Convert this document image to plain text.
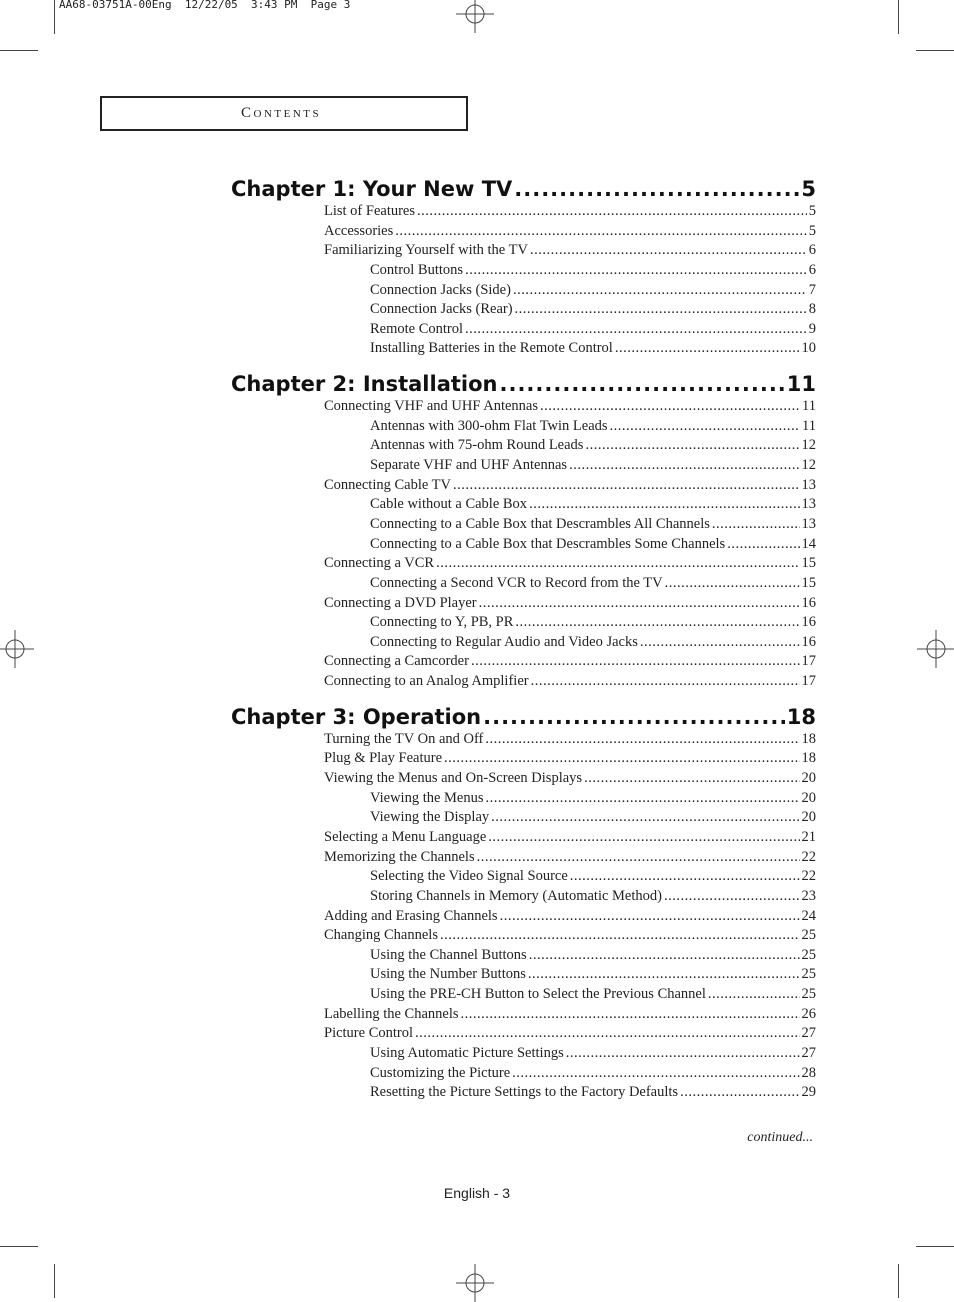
AA68-03751A-00Eng  12/22/05  3:43 PM  Page 3
Contents
Chapter 1: Your New TV .....	5
List of Features .....	5
Accessories .....	5
Familiarizing Yourself with the TV .....	6
Control Buttons .....	6
Connection Jacks (Side) .....	7
Connection Jacks (Rear) .....	8
Remote Control .....	9
Installing Batteries in the Remote Control .....	10
Chapter 2: Installation .....	11
Connecting VHF and UHF Antennas .....	11
Antennas with 300-ohm Flat Twin Leads .....	11
Antennas with 75-ohm Round Leads .....	12
Separate VHF and UHF Antennas .....	12
Connecting Cable TV .....	13
Cable without a Cable Box .....	13
Connecting to a Cable Box that Descrambles All Channels .....	13
Connecting to a Cable Box that Descrambles Some Channels .....	14
Connecting a VCR .....	15
Connecting a Second VCR to Record from the TV .....	15
Connecting a DVD Player .....	16
Connecting to Y, PB, PR .....	16
Connecting to Regular Audio and Video Jacks .....	16
Connecting a Camcorder .....	17
Connecting to an Analog Amplifier .....	17
Chapter 3: Operation .....	18
Turning the TV On and Off .....	18
Plug & Play Feature .....	18
Viewing the Menus and On-Screen Displays .....	20
Viewing the Menus .....	20
Viewing the Display .....	20
Selecting a Menu Language .....	21
Memorizing the Channels .....	22
Selecting the Video Signal Source .....	22
Storing Channels in Memory (Automatic Method) .....	23
Adding and Erasing Channels .....	24
Changing Channels .....	25
Using the Channel Buttons .....	25
Using the Number Buttons .....	25
Using the PRE-CH Button to Select the Previous Channel .....	25
Labelling the Channels .....	26
Picture Control .....	27
Using Automatic Picture Settings .....	27
Customizing the Picture .....	28
Resetting the Picture Settings to the Factory Defaults .....	29
continued...
English - 3
